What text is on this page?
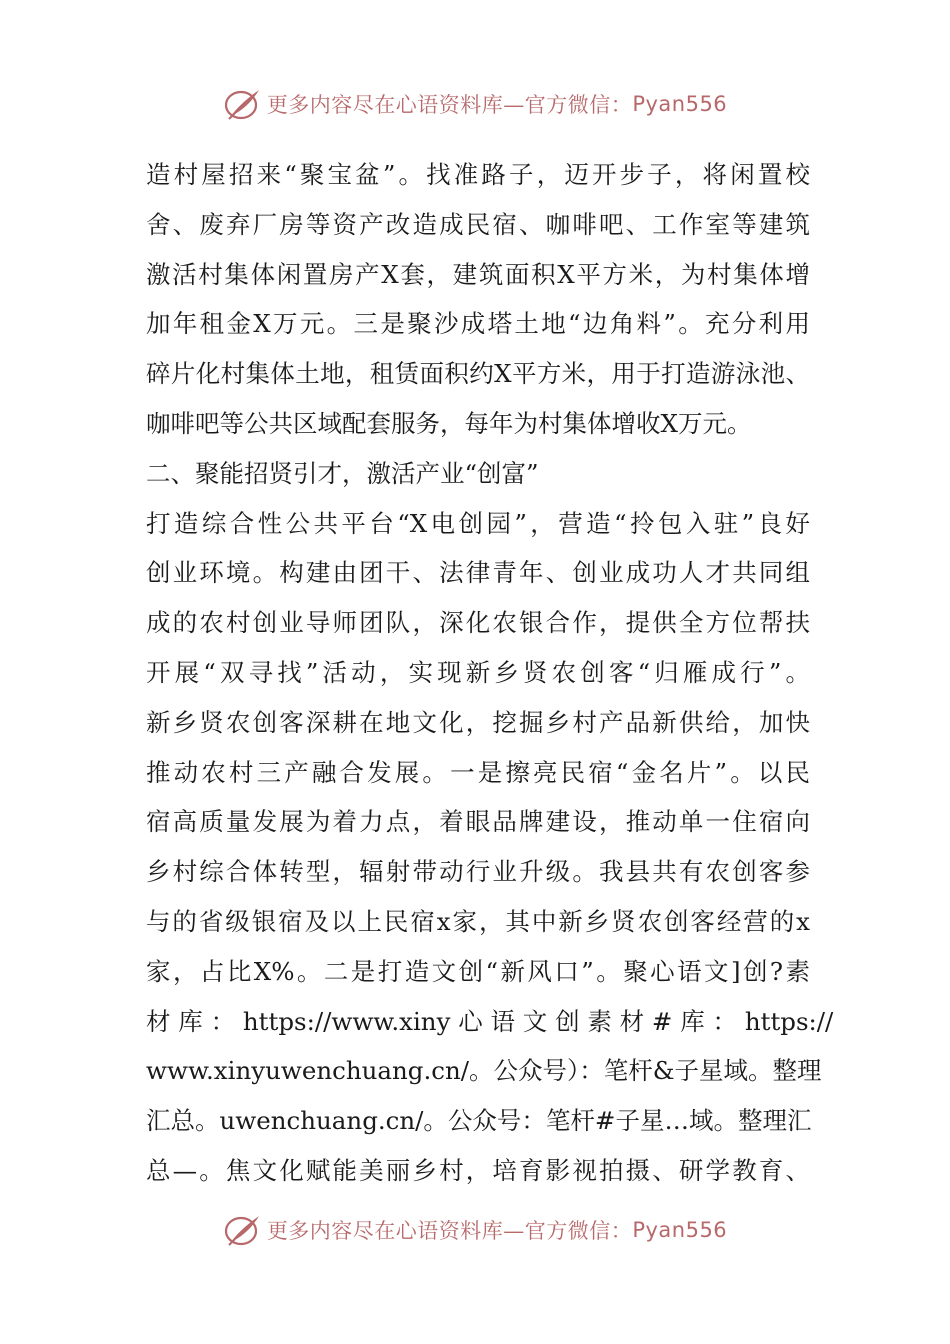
更多内容尽在心语资料库—官方微信： Pyan556
造村屋招来“聚宝盆”。找准路子，迈开步子，将闲置校
舍、废弃厂房等资产改造成民宿、咖啡吧、工作室等建筑
激活村集体闲置房产X套，建筑面积X平方米，为村集体增
加年租金X万元。三是聚沙成塔土地“边角料”。充分利用
碎片化村集体土地，租赁面积约X平方米，用于打造游泳池、
咖啡吧等公共区域配套服务，每年为村集体增收X万元。
二、聚能招贤引才，激活产业“创富”
打造综合性公共平台“X电创园”，营造“拎包入驻”良好
创业环境。构建由团干、法律青年、创业成功人才共同组
成的农村创业导师团队，深化农银合作，提供全方位帮扶
开展“双寻找”活动，实现新乡贤农创客“归雁成行”。
新乡贤农创客深耕在地文化，挖掘乡村产品新供给，加快
推动农村三产融合发展。一是擦亮民宿“金名片”。以民
宿高质量发展为着力点，着眼品牌建设，推动单一住宿向
乡村综合体转型，辐射带动行业升级。我县共有农创客参
与的省级银宿及以上民宿x家，其中新乡贤农创客经营的x
家，占比X%。二是打造文创“新风口”。聚心语文]创?素
材 库 ： https://www.xiny 心 语 文 创 素 材 # 库 ： https://
www.xinyuwenchuang.cn/。公众号）：笔杆&子星域。整理
汇总。uwenchuang.cn/。公众号：笔杆#子星…域。整理汇
总—。焦文化赋能美丽乡村，培育影视拍摄、研学教育、
更多内容尽在心语资料库—官方微信： Pyan556
